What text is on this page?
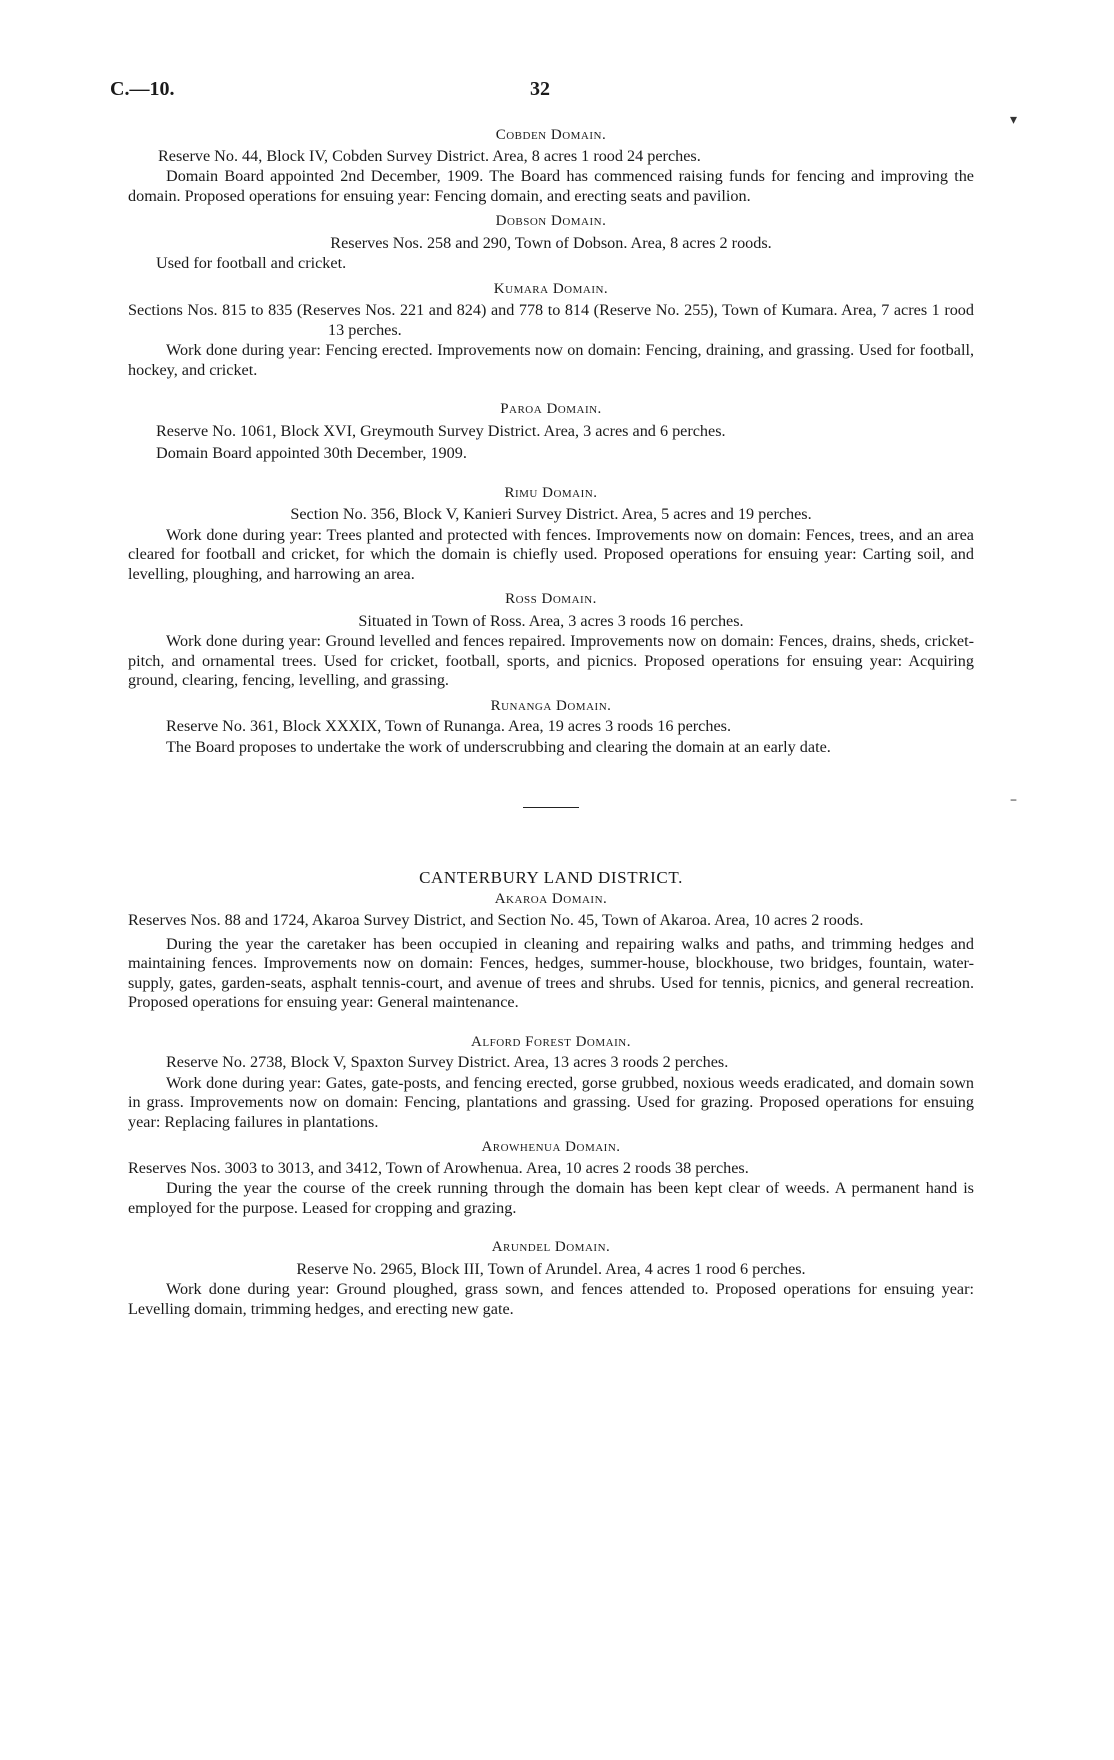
C.—10.	32
▾
–

Cobden Domain.

Reserve No. 44, Block IV, Cobden Survey District. Area, 8 acres 1 rood 24 perches.

Domain Board appointed 2nd December, 1909. The Board has commenced raising funds for fencing and improving the domain. Proposed operations for ensuing year: Fencing domain, and erecting seats and pavilion.

Dobson Domain.

Reserves Nos. 258 and 290, Town of Dobson. Area, 8 acres 2 roods.

Used for football and cricket.

Kumara Domain.

Sections Nos. 815 to 835 (Reserves Nos. 221 and 824) and 778 to 814 (Reserve No. 255), Town of Kumara. Area, 7 acres 1 rood 13 perches.

Work done during year: Fencing erected. Improvements now on domain: Fencing, draining, and grassing. Used for football, hockey, and cricket.

Paroa Domain.

Reserve No. 1061, Block XVI, Greymouth Survey District. Area, 3 acres and 6 perches.

Domain Board appointed 30th December, 1909.

Rimu Domain.

Section No. 356, Block V, Kanieri Survey District. Area, 5 acres and 19 perches.

Work done during year: Trees planted and protected with fences. Improvements now on domain: Fences, trees, and an area cleared for football and cricket, for which the domain is chiefly used. Proposed operations for ensuing year: Carting soil, and levelling, ploughing, and harrowing an area.

Ross Domain.

Situated in Town of Ross. Area, 3 acres 3 roods 16 perches.

Work done during year: Ground levelled and fences repaired. Improvements now on domain: Fences, drains, sheds, cricket-pitch, and ornamental trees. Used for cricket, football, sports, and picnics. Proposed operations for ensuing year: Acquiring ground, clearing, fencing, levelling, and grassing.

Runanga Domain.

Reserve No. 361, Block XXXIX, Town of Runanga. Area, 19 acres 3 roods 16 perches.

The Board proposes to undertake the work of underscrubbing and clearing the domain at an early date.

CANTERBURY LAND DISTRICT.

Akaroa Domain.

Reserves Nos. 88 and 1724, Akaroa Survey District, and Section No. 45, Town of Akaroa. Area, 10 acres 2 roods.

During the year the caretaker has been occupied in cleaning and repairing walks and paths, and trimming hedges and maintaining fences. Improvements now on domain: Fences, hedges, summer-house, blockhouse, two bridges, fountain, water-supply, gates, garden-seats, asphalt tennis-court, and avenue of trees and shrubs. Used for tennis, picnics, and general recreation. Proposed operations for ensuing year: General maintenance.

Alford Forest Domain.

Reserve No. 2738, Block V, Spaxton Survey District. Area, 13 acres 3 roods 2 perches.

Work done during year: Gates, gate-posts, and fencing erected, gorse grubbed, noxious weeds eradicated, and domain sown in grass. Improvements now on domain: Fencing, plantations and grassing. Used for grazing. Proposed operations for ensuing year: Replacing failures in plantations.

Arowhenua Domain.

Reserves Nos. 3003 to 3013, and 3412, Town of Arowhenua. Area, 10 acres 2 roods 38 perches.

During the year the course of the creek running through the domain has been kept clear of weeds. A permanent hand is employed for the purpose. Leased for cropping and grazing.

Arundel Domain.

Reserve No. 2965, Block III, Town of Arundel. Area, 4 acres 1 rood 6 perches.

Work done during year: Ground ploughed, grass sown, and fences attended to. Proposed operations for ensuing year: Levelling domain, trimming hedges, and erecting new gate.
